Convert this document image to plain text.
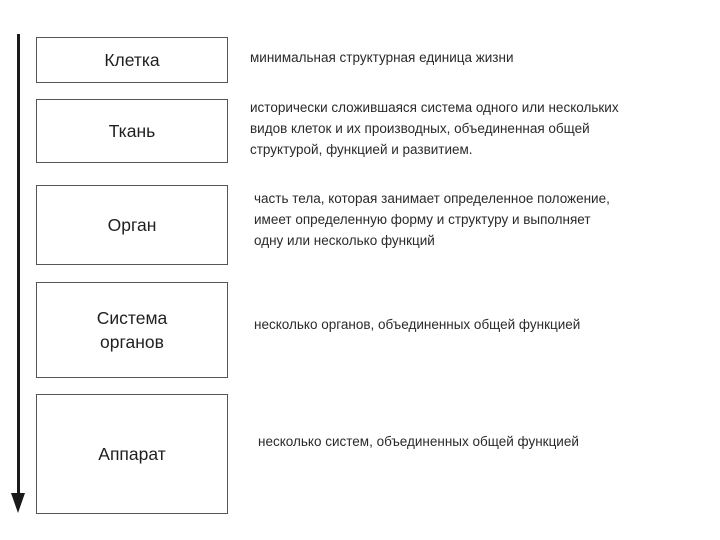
Клетка	минимальная структурная единица жизни
Ткань
исторически сложившаяся система одного или нескольких
видов клеток и их производных, объединенная общей
структурой, функцией и развитием.
Орган
часть тела, которая занимает определенное положение,
имеет определенную форму и структуру и выполняет
одну или несколько функций
Система
органов
несколько органов, объединенных общей функцией
Аппарат
несколько систем, объединенных общей функцией
